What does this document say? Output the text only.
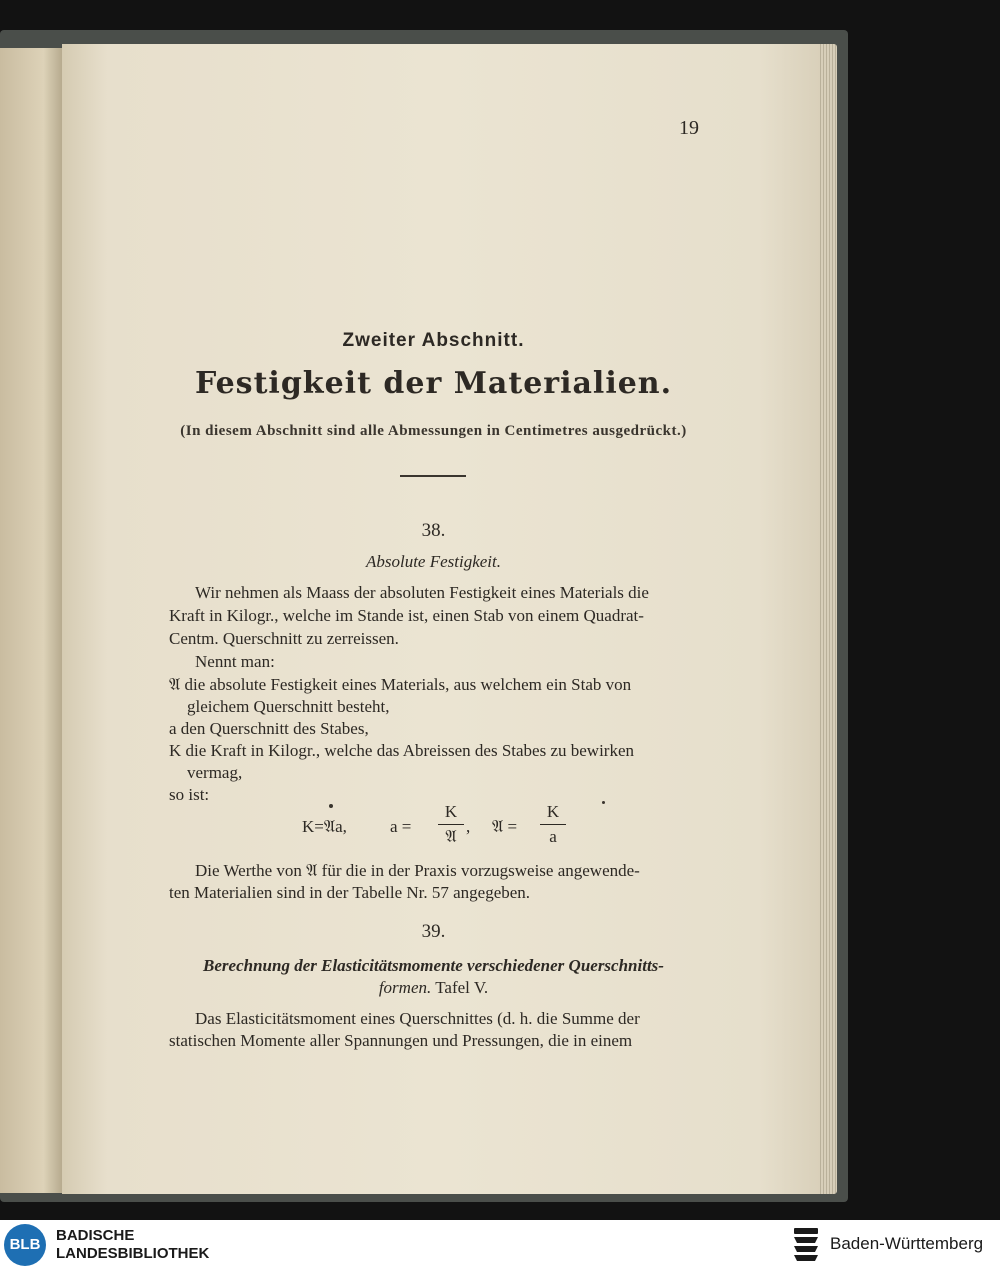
19
Zweiter Abschnitt.
Festigkeit der Materialien.
(In diesem Abschnitt sind alle Abmessungen in Centimetres ausgedrückt.)
38.
Absolute Festigkeit.
Wir nehmen als Maass der absoluten Festigkeit eines Materials die
Kraft in Kilogr., welche im Stande ist, einen Stab von einem Quadrat-
Centm. Querschnitt zu zerreissen.
Nennt man:
𝔄 die absolute Festigkeit eines Materials, aus welchem ein Stab von
gleichem Querschnitt besteht,
a den Querschnitt des Stabes,
K die Kraft in Kilogr., welche das Abreissen des Stabes zu bewirken
vermag,
so ist:
K=𝔄a,	a =
K
𝔄
, 𝔄 =
K
a
Die Werthe von 𝔄 für die in der Praxis vorzugsweise angewende-
ten Materialien sind in der Tabelle Nr. 57 angegeben.
39.
Berechnung der Elasticitätsmomente verschiedener Querschnitts-
formen. Tafel V.
Das Elasticitätsmoment eines Querschnittes (d. h. die Summe der
statischen Momente aller Spannungen und Pressungen, die in einem
BLB
BADISCHE
LANDESBIBLIOTHEK
Baden-Württemberg
